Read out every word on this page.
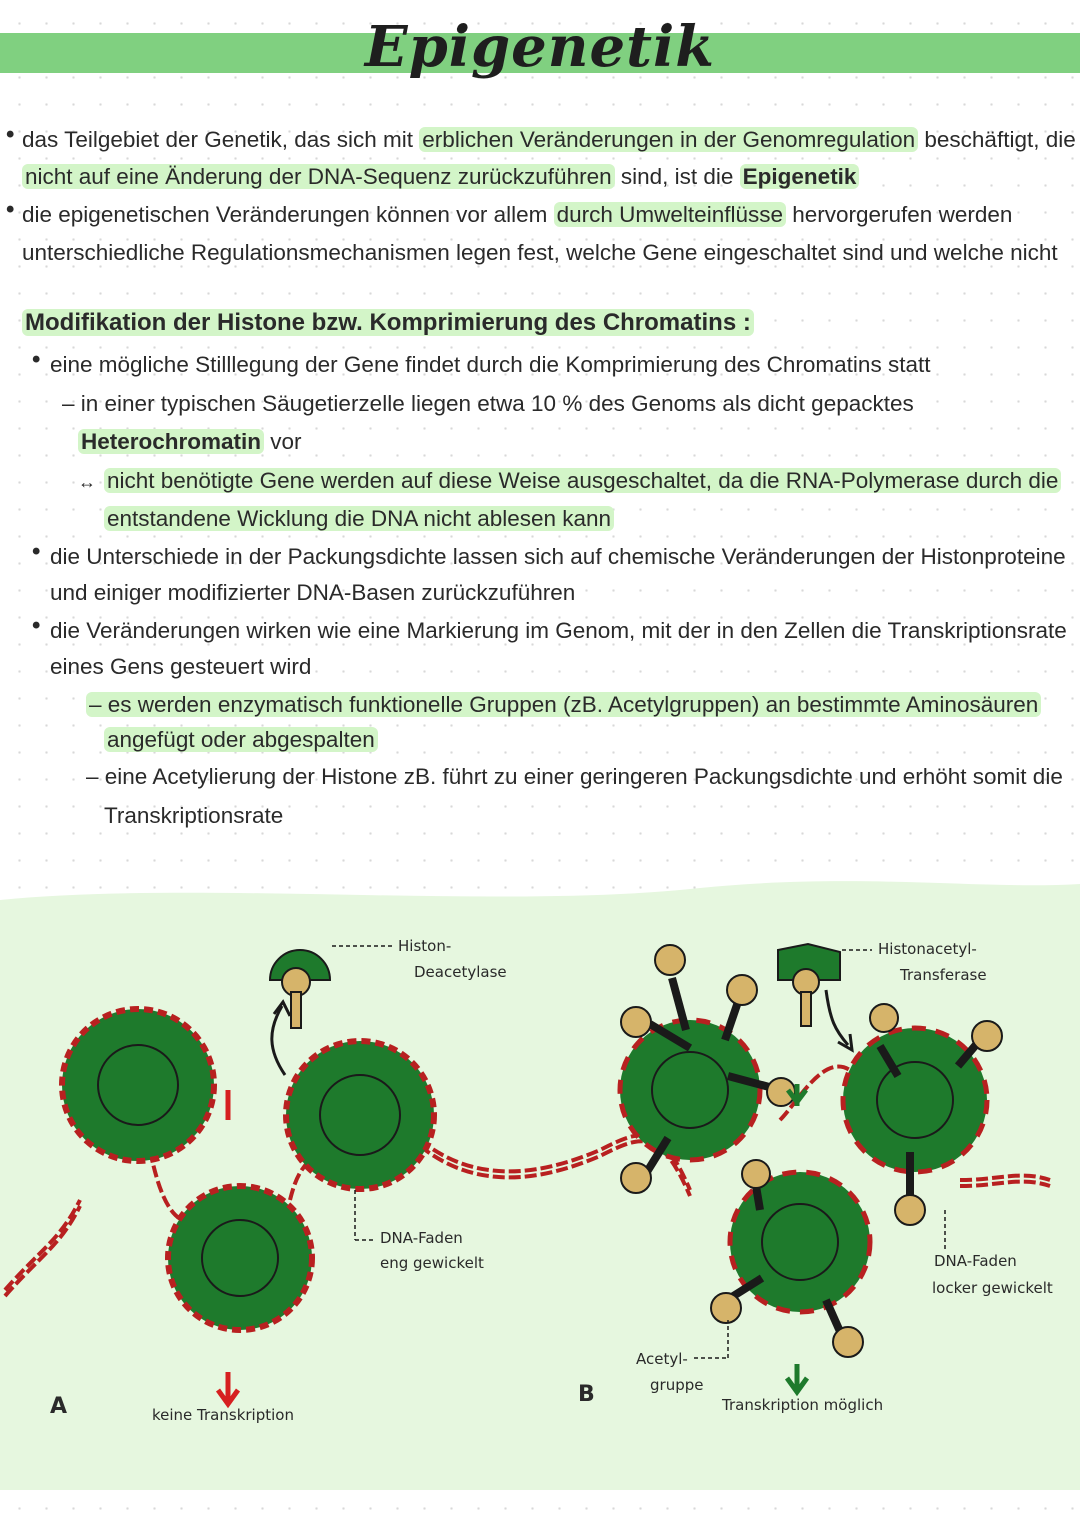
Epigenetik
• das Teilgebiet der Genetik, das sich mit erblichen Veränderungen in der Genomregulation beschäftigt, die
nicht auf eine Änderung der DNA-Sequenz zurückzuführen sind, ist die Epigenetik
• die epigenetischen Veränderungen können vor allem durch Umwelteinflüsse hervorgerufen werden
unterschiedliche Regulationsmechanismen legen fest, welche Gene eingeschaltet sind und welche nicht
Modifikation der Histone bzw. Komprimierung des Chromatins :
• eine mögliche Stilllegung der Gene findet durch die Komprimierung des Chromatins statt
– in einer typischen Säugetierzelle liegen etwa 10 % des Genoms als dicht gepacktes
Heterochromatin vor
↔ nicht benötigte Gene werden auf diese Weise ausgeschaltet, da die RNA-Polymerase durch die
entstandene Wicklung die DNA nicht ablesen kann
• die Unterschiede in der Packungsdichte lassen sich auf chemische Veränderungen der Histonproteine
und einiger modifizierter DNA-Basen zurückzuführen
• die Veränderungen wirken wie eine Markierung im Genom, mit der in den Zellen die Transkriptionsrate
eines Gens gesteuert wird
– es werden enzymatisch funktionelle Gruppen (zB. Acetylgruppen) an bestimmte Aminosäuren
angefügt oder abgespalten
– eine Acetylierung der Histone zB. führt zu einer geringeren Packungsdichte und erhöht somit die
Transkriptionsrate
Histon-
Deacetylase
Histonacetyl-
Transferase
DNA-Faden
eng gewickelt	DNA-Faden
locker gewickelt
Acetyl-
gruppe
keine Transkription
Transkription möglich
A	B
